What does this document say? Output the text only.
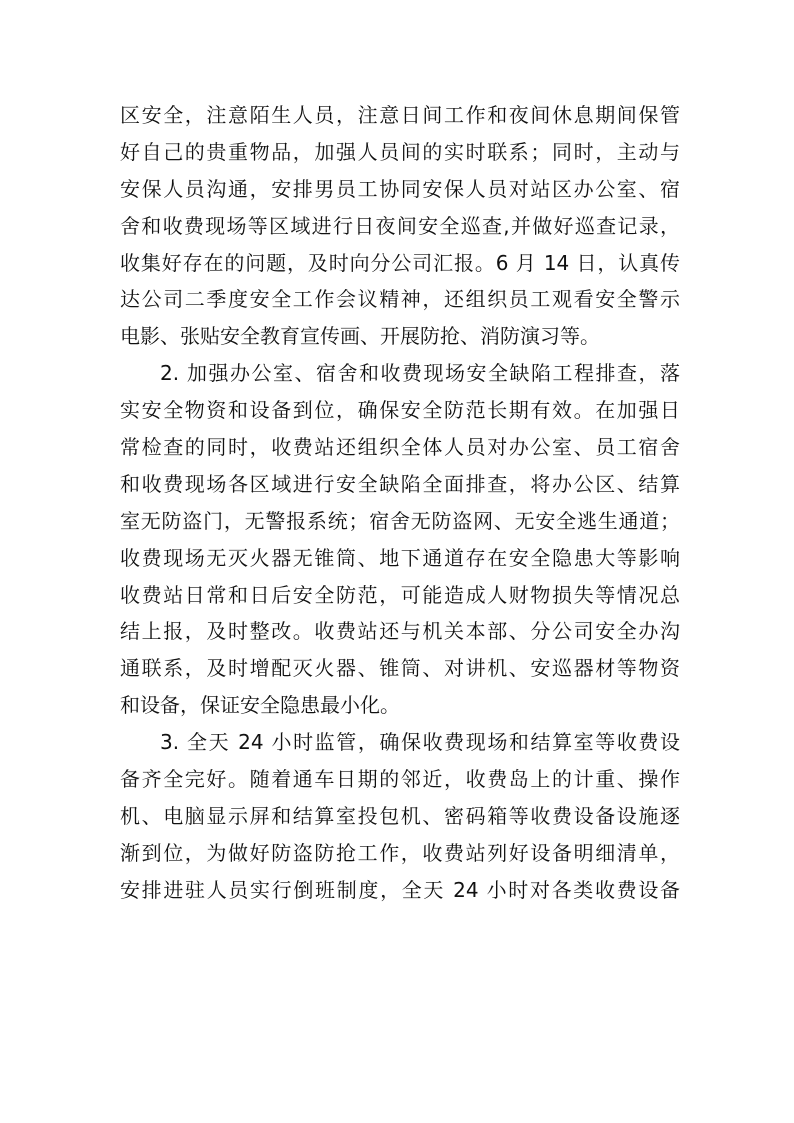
区安全，注意陌生人员，注意日间工作和夜间休息期间保管
好自己的贵重物品，加强人员间的实时联系；同时，主动与
安保人员沟通，安排男员工协同安保人员对站区办公室、宿
舍和收费现场等区域进行日夜间安全巡查,并做好巡查记录，
收集好存在的问题，及时向分公司汇报。6 月 14 日，认真传
达公司二季度安全工作会议精神，还组织员工观看安全警示
电影、张贴安全教育宣传画、开展防抢、消防演习等。
2. 加强办公室、宿舍和收费现场安全缺陷工程排查，落
实安全物资和设备到位，确保安全防范长期有效。在加强日
常检查的同时，收费站还组织全体人员对办公室、员工宿舍
和收费现场各区域进行安全缺陷全面排查，将办公区、结算
室无防盗门，无警报系统；宿舍无防盗网、无安全逃生通道；
收费现场无灭火器无锥筒、地下通道存在安全隐患大等影响
收费站日常和日后安全防范，可能造成人财物损失等情况总
结上报，及时整改。收费站还与机关本部、分公司安全办沟
通联系，及时增配灭火器、锥筒、对讲机、安巡器材等物资
和设备，保证安全隐患最小化。
3. 全天 24 小时监管，确保收费现场和结算室等收费设
备齐全完好。随着通车日期的邻近，收费岛上的计重、操作
机、电脑显示屏和结算室投包机、密码箱等收费设备设施逐
渐到位，为做好防盗防抢工作，收费站列好设备明细清单，
安排进驻人员实行倒班制度，全天 24 小时对各类收费设备
